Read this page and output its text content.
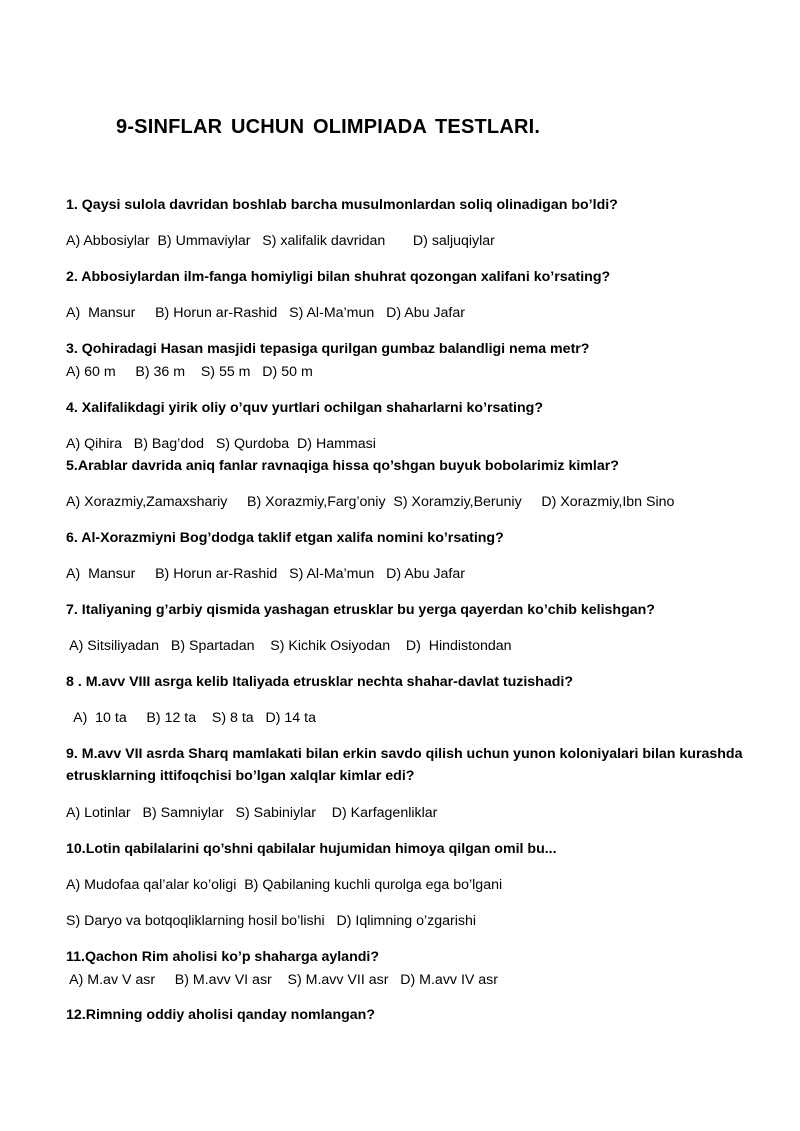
9-SINFLAR UCHUN OLIMPIADA TESTLARI.
1. Qaysi sulola davridan boshlab barcha musulmonlardan soliq olinadigan bo’ldi?
A) Abbosiylar  B) Ummaviylar   S) xalifalik davridan       D) saljuqiylar
2. Abbosiylardan ilm-fanga homiyligi bilan shuhrat qozongan xalifani ko’rsating?
A)  Mansur     B) Horun ar-Rashid   S) Al-Ma’mun   D) Abu Jafar
3. Qohiradagi Hasan masjidi tepasiga qurilgan gumbaz balandligi nema metr?
A) 60 m     B) 36 m    S) 55 m   D) 50 m
4. Xalifalikdagi yirik oliy o’quv yurtlari ochilgan shaharlarni ko’rsating?
A) Qihira   B) Bag’dod   S) Qurdoba  D) Hammasi
5.Arablar davrida aniq fanlar ravnaqiga hissa qo’shgan buyuk bobolarimiz kimlar?
A) Xorazmiy,Zamaxshariy     B) Xorazmiy,Farg’oniy  S) Xoramziy,Beruniy     D) Xorazmiy,Ibn Sino
6. Al-Xorazmiyni Bog’dodga taklif etgan xalifa nomini ko’rsating?
A)  Mansur     B) Horun ar-Rashid   S) Al-Ma’mun   D) Abu Jafar
7. Italiyaning g’arbiy qismida yashagan etrusklar bu yerga qayerdan ko’chib kelishgan?
A) Sitsiliyadan   B) Spartadan    S) Kichik Osiyodan    D)  Hindistondan
8 . M.avv VIII asrga kelib Italiyada etrusklar nechta shahar-davlat tuzishadi?
A)  10 ta     B) 12 ta    S) 8 ta   D) 14 ta
9. M.avv VII asrda Sharq mamlakati bilan erkin savdo qilish uchun yunon koloniyalari bilan kurashda etrusklarning ittifoqchisi bo’lgan xalqlar kimlar edi?
A) Lotinlar   B) Samniylar   S) Sabiniylar    D) Karfagenliklar
10.Lotin qabilalarini qo’shni qabilalar hujumidan himoya qilgan omil bu...
A) Mudofaa qal’alar ko’oligi  B) Qabilaning kuchli qurolga ega bo’lgani
S) Daryo va botqoqliklarning hosil bo’lishi   D) Iqlimning o’zgarishi
11.Qachon Rim aholisi ko’p shaharga aylandi?
A) M.av V asr     B) M.avv VI asr    S) M.avv VII asr   D) M.avv IV asr
12.Rimning oddiy aholisi qanday nomlangan?
